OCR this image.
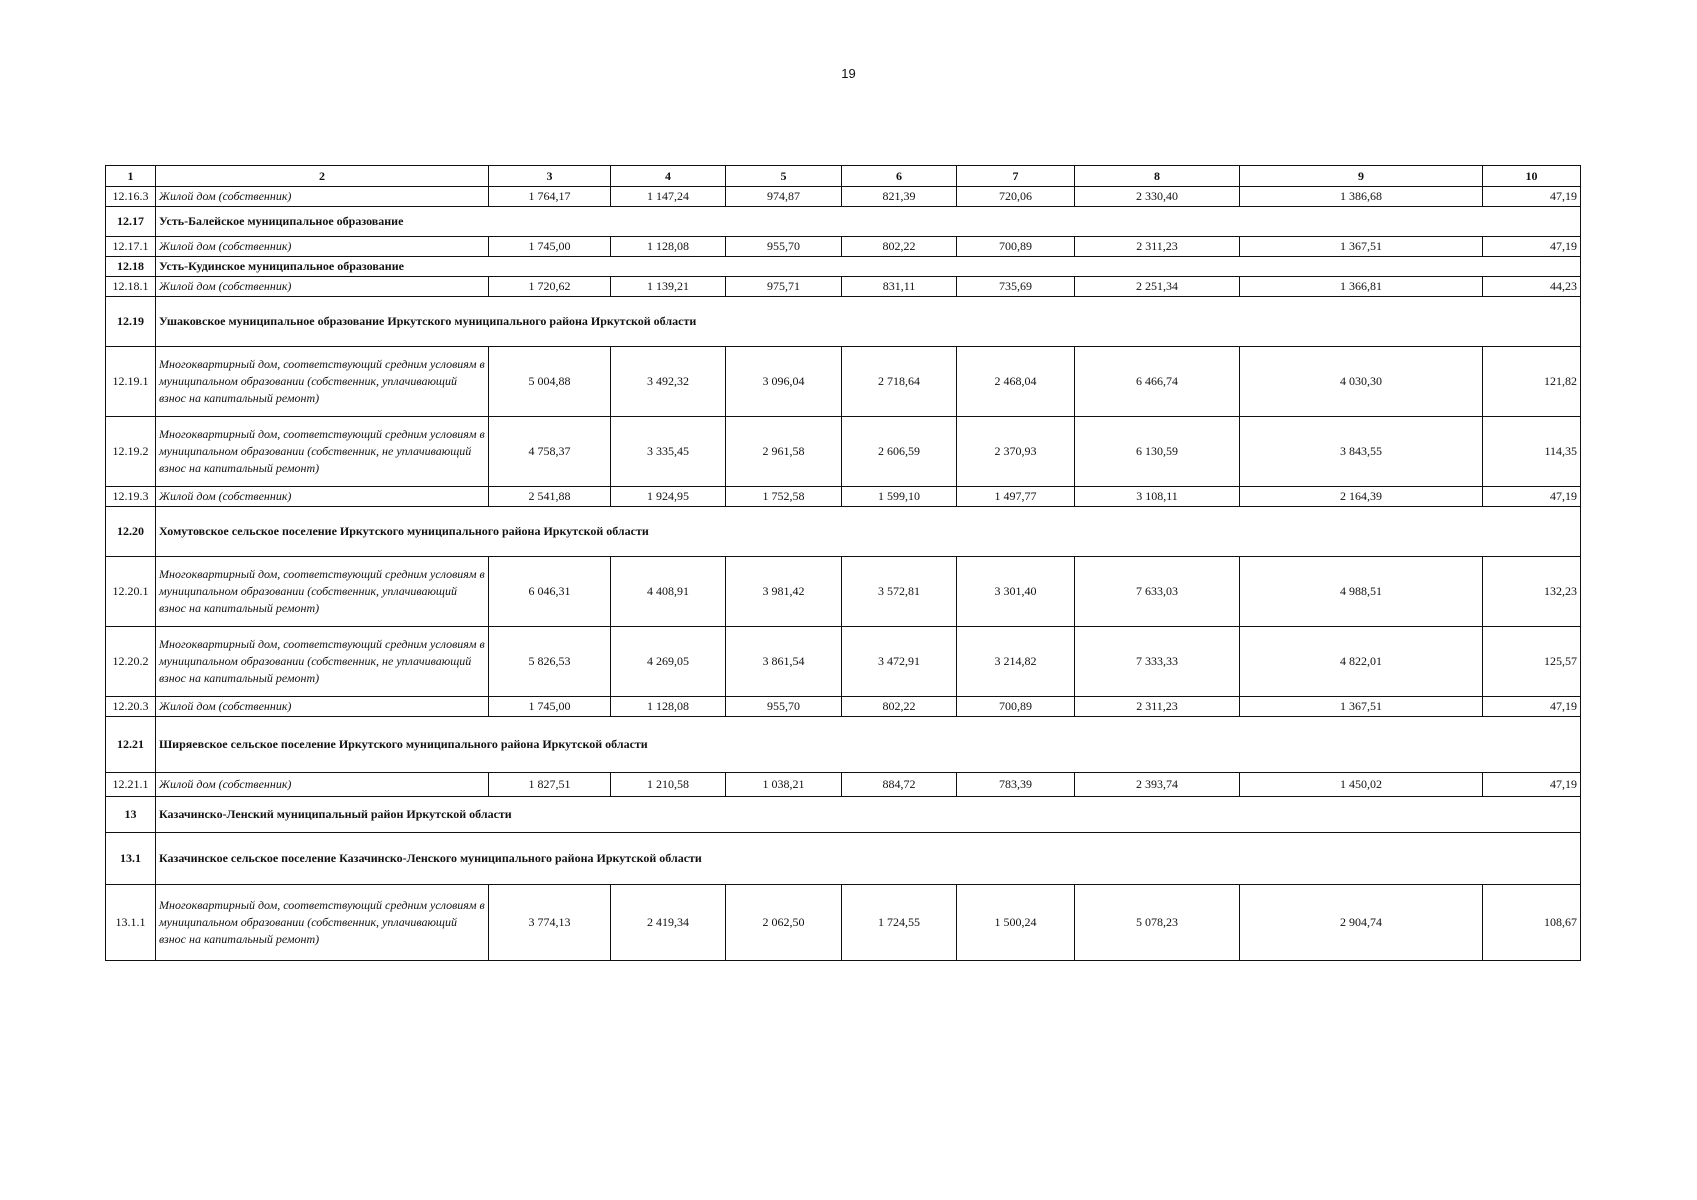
19
1	2	3	4	5	6	7	8	9	10
12.16.3	Жилой дом (собственник)	1 764,17	1 147,24	974,87	821,39	720,06	2 330,40	1 386,68	47,19
12.17	Усть-Балейское муниципальное образование								
12.17.1	Жилой дом (собственник)	1 745,00	1 128,08	955,70	802,22	700,89	2 311,23	1 367,51	47,19
12.18	Усть-Кудинское муниципальное образование								
12.18.1	Жилой дом (собственник)	1 720,62	1 139,21	975,71	831,11	735,69	2 251,34	1 366,81	44,23
12.19	Ушаковское муниципальное образование Иркутского муниципального района Иркутской области								
12.19.1	Многоквартирный дом, соответствующий средним условиям в муниципальном образовании (собственник, уплачивающий взнос на капитальный ремонт)	5 004,88	3 492,32	3 096,04	2 718,64	2 468,04	6 466,74	4 030,30	121,82
12.19.2	Многоквартирный дом, соответствующий средним условиям в муниципальном образовании (собственник, не уплачивающий взнос на капитальный ремонт)	4 758,37	3 335,45	2 961,58	2 606,59	2 370,93	6 130,59	3 843,55	114,35
12.19.3	Жилой дом (собственник)	2 541,88	1 924,95	1 752,58	1 599,10	1 497,77	3 108,11	2 164,39	47,19
12.20	Хомутовское сельское поселение Иркутского муниципального района Иркутской области								
12.20.1	Многоквартирный дом, соответствующий средним условиям в муниципальном образовании (собственник, уплачивающий взнос на капитальный ремонт)	6 046,31	4 408,91	3 981,42	3 572,81	3 301,40	7 633,03	4 988,51	132,23
12.20.2	Многоквартирный дом, соответствующий средним условиям в муниципальном образовании (собственник, не уплачивающий взнос на капитальный ремонт)	5 826,53	4 269,05	3 861,54	3 472,91	3 214,82	7 333,33	4 822,01	125,57
12.20.3	Жилой дом (собственник)	1 745,00	1 128,08	955,70	802,22	700,89	2 311,23	1 367,51	47,19
12.21	Ширяевское сельское поселение Иркутского муниципального района Иркутской области								
12.21.1	Жилой дом (собственник)	1 827,51	1 210,58	1 038,21	884,72	783,39	2 393,74	1 450,02	47,19
13	Казачинско-Ленский муниципальный район Иркутской области								
13.1	Казачинское сельское поселение Казачинско-Ленского муниципального района Иркутской области								
13.1.1	Многоквартирный дом, соответствующий средним условиям в муниципальном образовании (собственник, уплачивающий взнос на капитальный ремонт)	3 774,13	2 419,34	2 062,50	1 724,55	1 500,24	5 078,23	2 904,74	108,67
